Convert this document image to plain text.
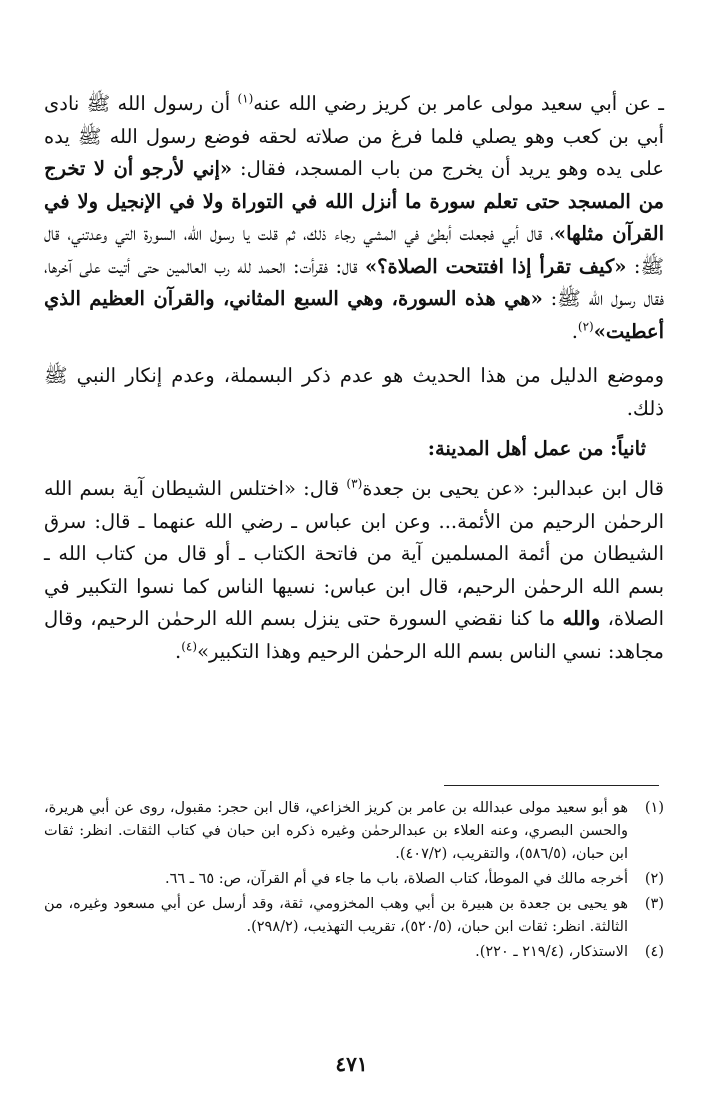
ـ عن أبي سعيد مولى عامر بن كريز رضي الله عنه$^{(١)}$ أن رسول الله ﷺ نادى أبي بن كعب وهو يصلي فلما فرغ من صلاته لحقه فوضع رسول الله ﷺ يده على يده وهو يريد أن يخرج من باب المسجد، فقال: «إني لأرجو أن لا تخرج من المسجد حتى تعلم سورة ما أنزل الله في التوراة ولا في الإنجيل ولا في القرآن مثلها»، قال أبي فجعلت أبطئ في المشي رجاء ذلك، ثم قلت يا رسول الله، السورة التي وعدتني، قال ﷺ: «كيف تقرأ إذا افتتحت الصلاة؟» قال: فقرأت: الحمد لله رب العالمين حتى أتيت على آخرها، فقال رسول الله ﷺ: «هي هذه السورة، وهي السبع المثاني، والقرآن العظيم الذي أعطيت»$^{(٢)}$.

وموضع الدليل من هذا الحديث هو عدم ذكر البسملة، وعدم إنكار النبي ﷺ ذلك.

ثانياً: من عمل أهل المدينة:

قال ابن عبدالبر: «عن يحيى بن جعدة$^{(٣)}$ قال: «اختلس الشيطان آية بسم الله الرحمٰن الرحيم من الأئمة... وعن ابن عباس ـ رضي الله عنهما ـ قال: سرق الشيطان من أئمة المسلمين آية من فاتحة الكتاب ـ أو قال من كتاب الله ـ بسم الله الرحمٰن الرحيم، قال ابن عباس: نسيها الناس كما نسوا التكبير في الصلاة، والله ما كنا نقضي السورة حتى ينزل بسم الله الرحمٰن الرحيم، وقال مجاهد: نسي الناس بسم الله الرحمٰن الرحيم وهذا التكبير»$^{(٤)}$.

(١)
هو أبو سعيد مولى عبدالله بن عامر بن كريز الخزاعي، قال ابن حجر: مقبول، روى عن أبي هريرة، والحسن البصري، وعنه العلاء بن عبدالرحمٰن وغيره ذكره ابن حبان في كتاب الثقات. انظر: ثقات ابن حبان، (٥٨٦/٥)، والتقريب، (٤٠٧/٢).
(٢)
أخرجه مالك في الموطأ، كتاب الصلاة، باب ما جاء في أم القرآن، ص: ٦٥ ـ ٦٦.
(٣)
هو يحيى بن جعدة بن هبيرة بن أبي وهب المخزومي، ثقة، وقد أرسل عن أبي مسعود وغيره، من الثالثة. انظر: ثقات ابن حبان، (٥٢٠/٥)، تقريب التهذيب، (٢٩٨/٢).
(٤)
الاستذكار، (٢١٩/٤ ـ ٢٢٠).
٤٧١
